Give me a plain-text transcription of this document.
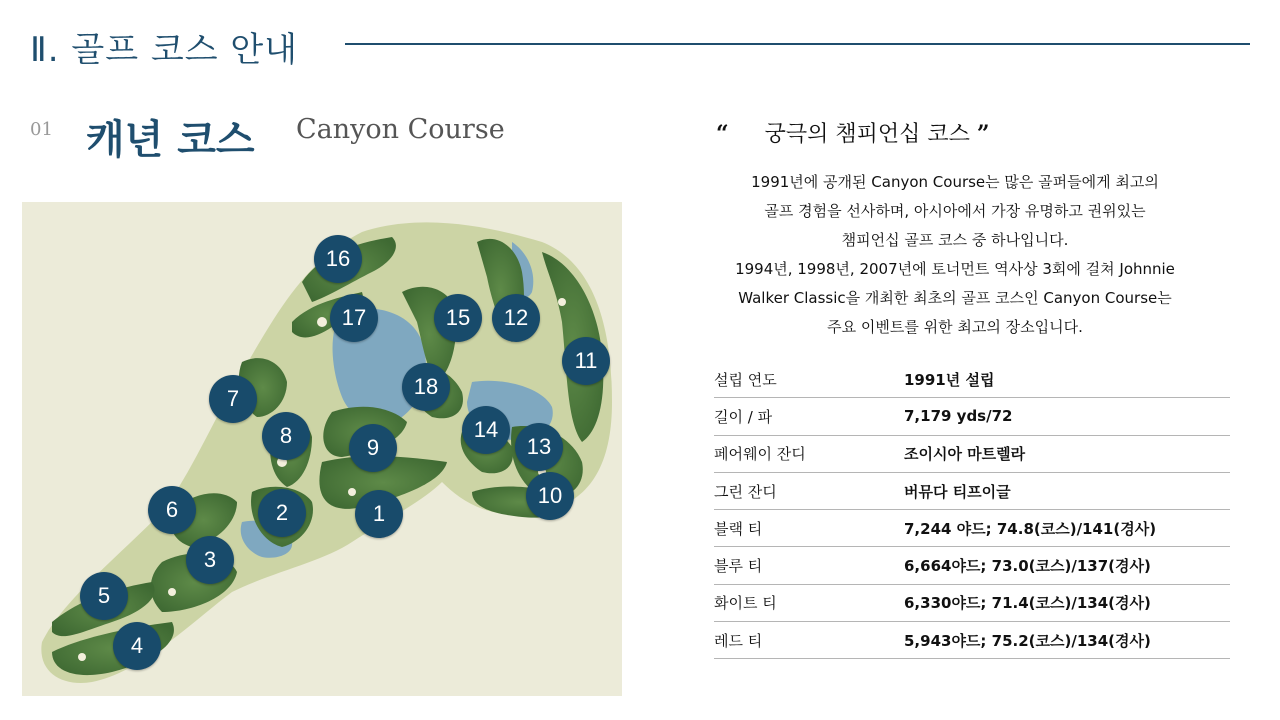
Ⅱ. 골프 코스 안내
01 캐년 코스 Canyon Course
1
2
3
4
5
6
7
8	9
10
11
12
13
14
15
16
17
18
“ 궁극의 챔피언십 코스 ”

1991년에 공개된 Canyon Course는 많은 골퍼들에게 최고의

골프 경험을 선사하며, 아시아에서 가장 유명하고 권위있는

챔피언십 골프 코스 중 하나입니다.

1994년, 1998년, 2007년에 토너먼트 역사상 3회에 걸쳐 Johnnie

Walker Classic을 개최한 최초의 골프 코스인 Canyon Course는

주요 이벤트를 위한 최고의 장소입니다.

설립 연도	1991년 설립
길이 / 파	7,179 yds/72
페어웨이 잔디	조이시아 마트렐라
그린 잔디	버뮤다 티프이글
블랙 티	7,244 야드; 74.8(코스)/141(경사)
블루 티	6,664야드; 73.0(코스)/137(경사)
화이트 티	6,330야드; 71.4(코스)/134(경사)
레드 티	5,943야드; 75.2(코스)/134(경사)
